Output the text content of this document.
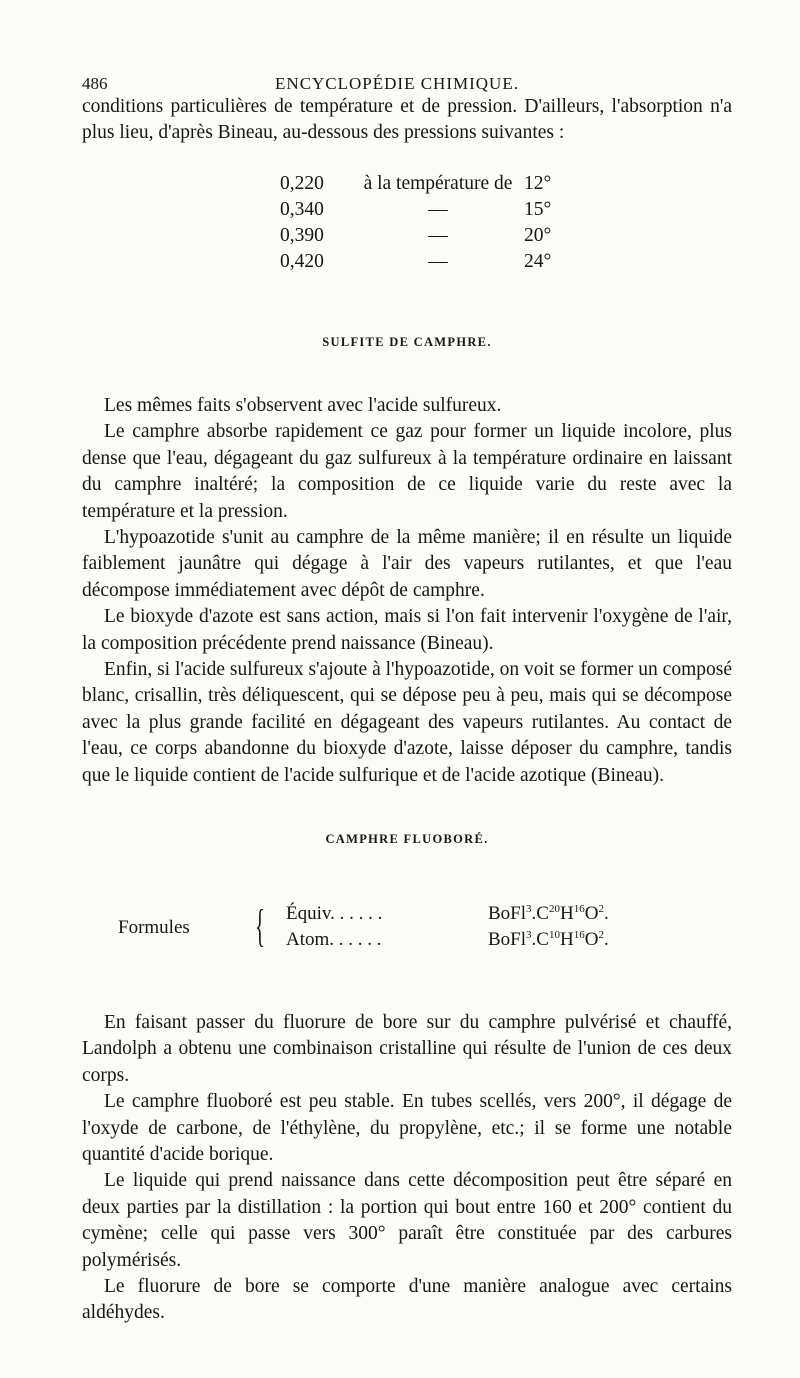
486	ENCYCLOPÉDIE CHIMIQUE.

conditions particulières de température et de pression. D'ailleurs, l'absorption n'a plus lieu, d'après Bineau, au-dessous des pressions suivantes :

0,220	à la température de 12°
0,340	—	15°
0,390	—	20°
0,420	—	24°
SULFITE DE CAMPHRE.

Les mêmes faits s'observent avec l'acide sulfureux.

Le camphre absorbe rapidement ce gaz pour former un liquide incolore, plus dense que l'eau, dégageant du gaz sulfureux à la température ordinaire en laissant du camphre inaltéré; la composition de ce liquide varie du reste avec la température et la pression.

L'hypoazotide s'unit au camphre de la même manière; il en résulte un liquide faiblement jaunâtre qui dégage à l'air des vapeurs rutilantes, et que l'eau décompose immédiatement avec dépôt de camphre.

Le bioxyde d'azote est sans action, mais si l'on fait intervenir l'oxygène de l'air, la composition précédente prend naissance (Bineau).

Enfin, si l'acide sulfureux s'ajoute à l'hypoazotide, on voit se former un composé blanc, crisallin, très déliquescent, qui se dépose peu à peu, mais qui se décompose avec la plus grande facilité en dégageant des vapeurs rutilantes. Au contact de l'eau, ce corps abandonne du bioxyde d'azote, laisse déposer du camphre, tandis que le liquide contient de l'acide sulfurique et de l'acide azotique (Bineau).

CAMPHRE FLUOBORÉ.
Formules { Équiv. . . . . .	$BoFl^3.C^{20}H^{16}O^2$.
Atom. . . . . .	$BoFl^3.C^{10}H^{16}O^2$.

En faisant passer du fluorure de bore sur du camphre pulvérisé et chauffé, Landolph a obtenu une combinaison cristalline qui résulte de l'union de ces deux corps.

Le camphre fluoboré est peu stable. En tubes scellés, vers 200°, il dégage de l'oxyde de carbone, de l'éthylène, du propylène, etc.; il se forme une notable quantité d'acide borique.

Le liquide qui prend naissance dans cette décomposition peut être séparé en deux parties par la distillation : la portion qui bout entre 160 et 200° contient du cymène; celle qui passe vers 300° paraît être constituée par des carbures polymérisés.

Le fluorure de bore se comporte d'une manière analogue avec certains aldéhydes.
